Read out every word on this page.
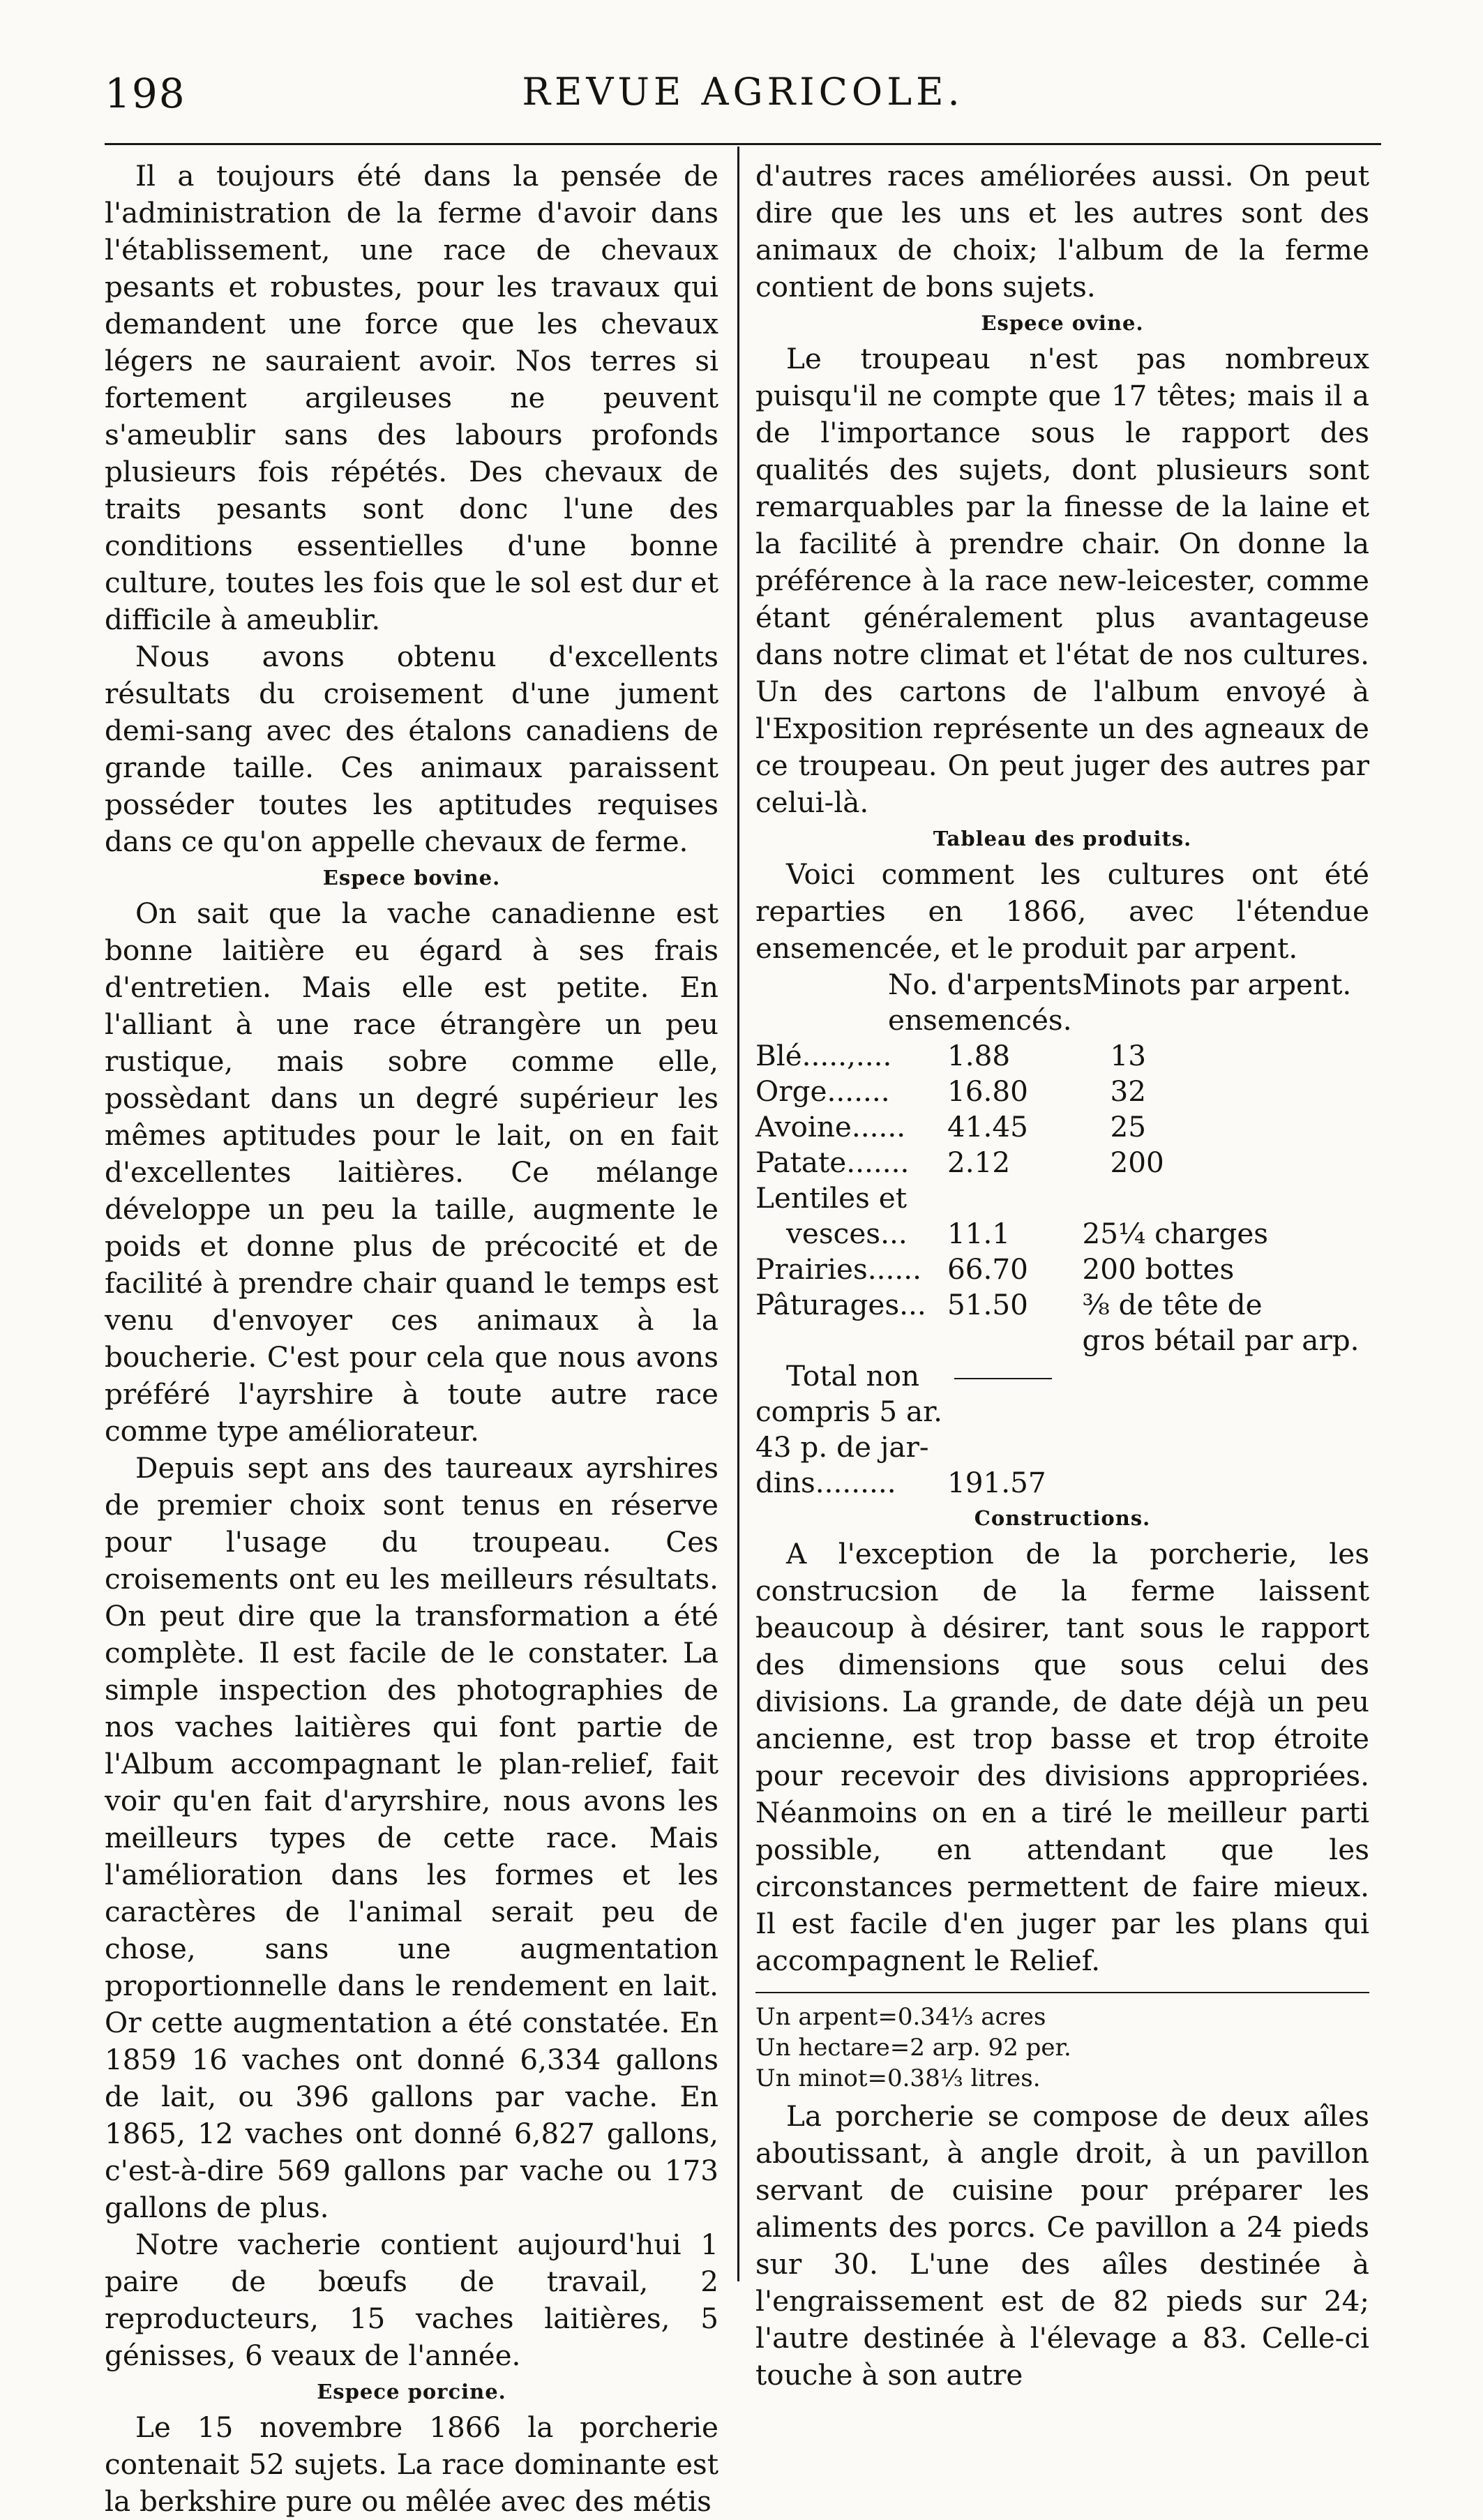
198	REVUE AGRICOLE.

Il a toujours été dans la pensée de l'administration de la ferme d'avoir dans l'établissement, une race de chevaux pesants et robustes, pour les travaux qui demandent une force que les chevaux légers ne sauraient avoir. Nos terres si fortement argileuses ne peuvent s'ameublir sans des labours profonds plusieurs fois répétés. Des chevaux de traits pesants sont donc l'une des conditions essentielles d'une bonne culture, toutes les fois que le sol est dur et difficile à ameublir.

Nous avons obtenu d'excellents résultats du croisement d'une jument demi-sang avec des étalons canadiens de grande taille. Ces animaux paraissent posséder toutes les aptitudes requises dans ce qu'on appelle chevaux de ferme.

Espece bovine.

On sait que la vache canadienne est bonne laitière eu égard à ses frais d'entretien. Mais elle est petite. En l'alliant à une race étrangère un peu rustique, mais sobre comme elle, possèdant dans un degré supérieur les mêmes aptitudes pour le lait, on en fait d'excellentes laitières. Ce mélange développe un peu la taille, augmente le poids et donne plus de précocité et de facilité à prendre chair quand le temps est venu d'envoyer ces animaux à la boucherie. C'est pour cela que nous avons préféré l'ayrshire à toute autre race comme type améliorateur.

Depuis sept ans des taureaux ayrshires de premier choix sont tenus en réserve pour l'usage du troupeau. Ces croisements ont eu les meilleurs résultats. On peut dire que la transformation a été complète. Il est facile de le constater. La simple inspection des photographies de nos vaches laitières qui font partie de l'Album accompagnant le plan-relief, fait voir qu'en fait d'aryrshire, nous avons les meilleurs types de cette race. Mais l'amélioration dans les formes et les caractères de l'animal serait peu de chose, sans une augmentation proportionnelle dans le rendement en lait. Or cette augmentation a été constatée. En 1859 16 vaches ont donné 6,334 gallons de lait, ou 396 gallons par vache. En 1865, 12 vaches ont donné 6,827 gallons, c'est-à-dire 569 gallons par vache ou 173 gallons de plus.

Notre vacherie contient aujourd'hui 1 paire de bœufs de travail, 2 reproducteurs, 15 vaches laitières, 5 génisses, 6 veaux de l'année.

Espece porcine.

Le 15 novembre 1866 la porcherie contenait 52 sujets. La race dominante est la berkshire pure ou mêlée avec des métis

d'autres races améliorées aussi. On peut dire que les uns et les autres sont des animaux de choix; l'album de la ferme contient de bons sujets.

Espece ovine.

Le troupeau n'est pas nombreux puisqu'il ne compte que 17 têtes; mais il a de l'importance sous le rapport des qualités des sujets, dont plusieurs sont remarquables par la finesse de la laine et la facilité à prendre chair. On donne la préférence à la race new-leicester, comme étant généralement plus avantageuse dans notre climat et l'état de nos cultures. Un des cartons de l'album envoyé à l'Exposition représente un des agneaux de ce troupeau. On peut juger des autres par celui-là.

Tableau des produits.

Voici comment les cultures ont été reparties en 1866, avec l'étendue ensemencée, et le produit par arpent.

No. d'arpents		Minots par arpent.
ensemencés.		
Blé.....,....	1.88	13
Orge.......	16.80	32
Avoine......	41.45	25
Patate.......	2.12	200
Lentiles et		
vesces...	11.1	25¼ charges
Prairies......	66.70	200 bottes
Pâturages...	51.50	⅜ de tête de
		gros bétail par arp.
Total non		
compris 5 ar.		
43 p. de jar-		
dins.........	191.57	
Constructions.

A l'exception de la porcherie, les construcsion de la ferme laissent beaucoup à désirer, tant sous le rapport des dimensions que sous celui des divisions. La grande, de date déjà un peu ancienne, est trop basse et trop étroite pour recevoir des divisions appropriées. Néanmoins on en a tiré le meilleur parti possible, en attendant que les circonstances permettent de faire mieux. Il est facile d'en juger par les plans qui accompagnent le Relief.

Un arpent=0.34⅓ acres
Un hectare=2 arp. 92 per.
Un minot=0.38⅓ litres.

La porcherie se compose de deux aîles aboutissant, à angle droit, à un pavillon servant de cuisine pour préparer les aliments des porcs. Ce pavillon a 24 pieds sur 30. L'une des aîles destinée à l'engraissement est de 82 pieds sur 24; l'autre destinée à l'élevage a 83. Celle-ci touche à son autre
